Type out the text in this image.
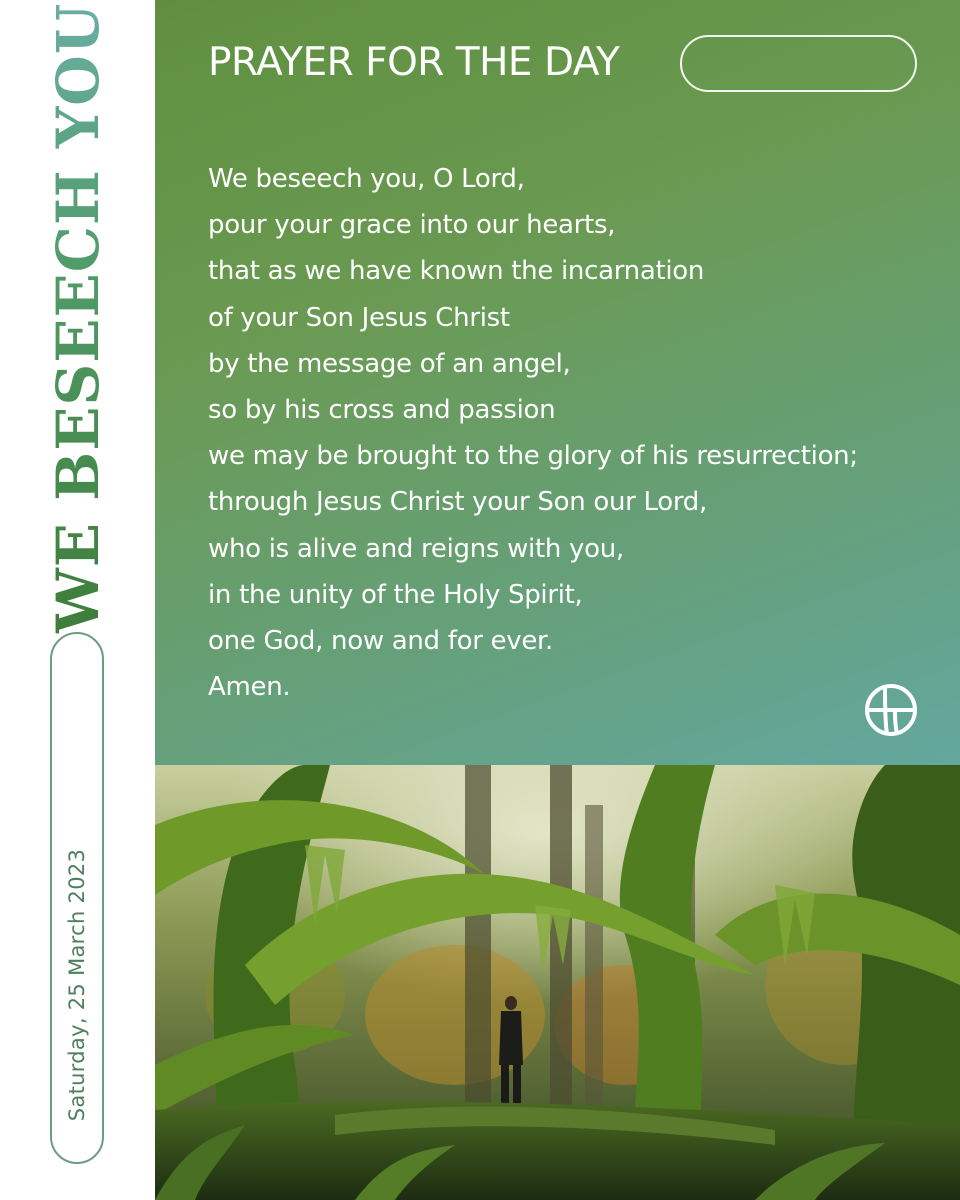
WE BESEECH YOU
Saturday, 25 March 2023
PRAYER FOR THE DAY
We beseech you, O Lord,
pour your grace into our hearts,
that as we have known the incarnation
of your Son Jesus Christ
by the message of an angel,
so by his cross and passion
we may be brought to the glory of his resurrection;
through Jesus Christ your Son our Lord,
who is alive and reigns with you,
in the unity of the Holy Spirit,
one God, now and for ever.
Amen.
